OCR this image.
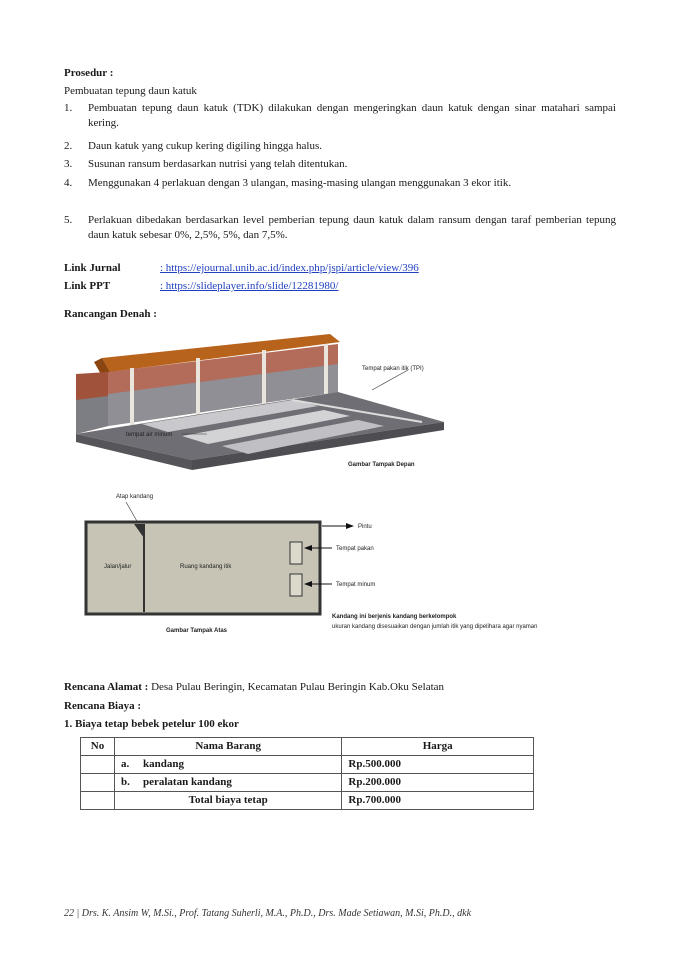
Prosedur :
Pembuatan tepung daun katuk
1.	Pembuatan tepung daun katuk (TDK) dilakukan dengan mengeringkan daun katuk dengan sinar matahari sampai kering.
2.	Daun katuk yang cukup kering digiling hingga halus.
3.	Susunan ransum berdasarkan nutrisi yang telah ditentukan.
4.	Menggunakan 4 perlakuan dengan 3 ulangan, masing-masing ulangan menggunakan 3 ekor itik.
5.	Perlakuan dibedakan berdasarkan level pemberian tepung daun katuk dalam ransum dengan taraf pemberian tepung daun katuk sebesar 0%, 2,5%, 5%, dan 7,5%.
Link Jurnal	: https://ejournal.unib.ac.id/index.php/jspi/article/view/396
Link PPT	: https://slideplayer.info/slide/12281980/
Rancangan Denah :
Tempat pakan itik (TPI)
tempat air minum
Gambar Tampak Depan
Atap kandang
Jalan/jalur	Ruang kandang itik
Pintu
Tempat pakan
Tempat minum
Gambar Tampak Atas
Kandang ini berjenis kandang berkelompok
ukuran kandang disesuaikan dengan jumlah itik yang dipelihara agar nyaman
Rencana Alamat : Desa Pulau Beringin, Kecamatan Pulau Beringin Kab.Oku Selatan
Rencana Biaya :
1. Biaya tetap bebek petelur 100 ekor
No	Nama Barang	Harga
	a. kandang	Rp.500.000
	b. peralatan kandang	Rp.200.000
	Total biaya tetap	Rp.700.000
22 | Drs. K. Ansim W, M.Si., Prof. Tatang Suherli, M.A., Ph.D., Drs. Made Setiawan, M.Si, Ph.D., dkk
